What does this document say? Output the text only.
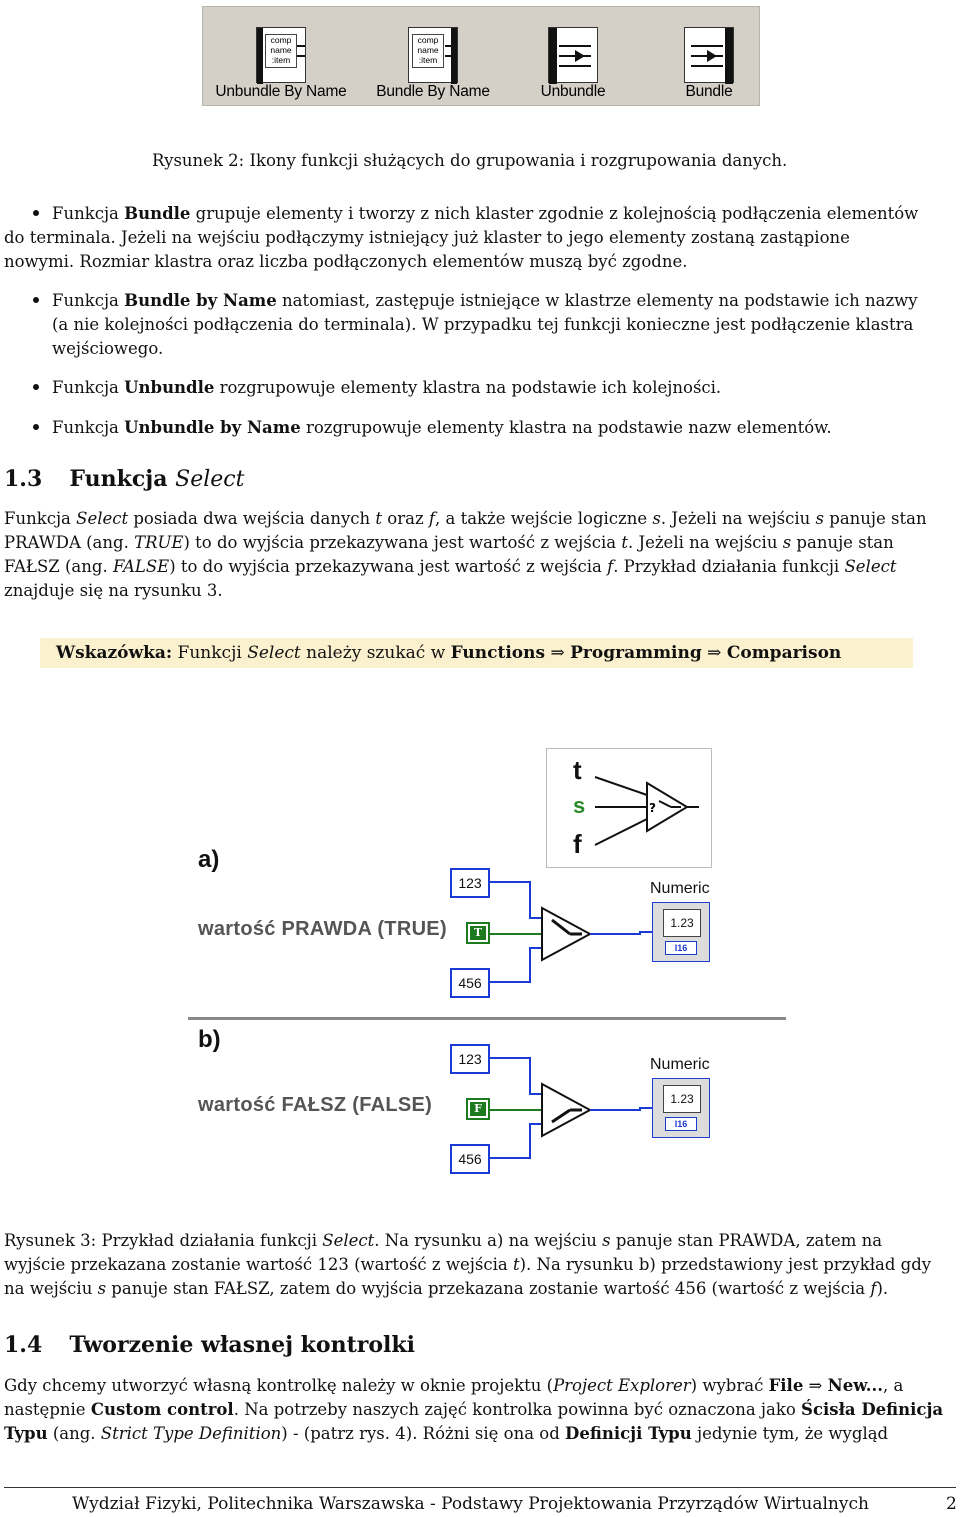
comp
name
:item
Unbundle By Name
comp
name
:item
Bundle By Name	Unbundle	Bundle
Rysunek 2: Ikony funkcji służących do grupowania i rozgrupowania danych.
Funkcja Bundle grupuje elementy i tworzy z nich klaster zgodnie z kolejnością podłączenia elementów
do terminala. Jeżeli na wejściu podłączymy istniejący już klaster to jego elementy zostaną zastąpione
nowymi. Rozmiar klastra oraz liczba podłączonych elementów muszą być zgodne.
Funkcja Bundle by Name natomiast, zastępuje istniejące w klastrze elementy na podstawie ich nazwy
(a nie kolejności podłączenia do terminala). W przypadku tej funkcji konieczne jest podłączenie klastra
wejściowego.
Funkcja Unbundle rozgrupowuje elementy klastra na podstawie ich kolejności.
Funkcja Unbundle by Name rozgrupowuje elementy klastra na podstawie nazw elementów.
1.3 Funkcja Select
Funkcja Select posiada dwa wejścia danych t oraz f, a także wejście logiczne s. Jeżeli na wejściu s panuje stan
PRAWDA (ang. TRUE) to do wyjścia przekazywana jest wartość z wejścia t. Jeżeli na wejściu s panuje stan
FAŁSZ (ang. FALSE) to do wyjścia przekazywana jest wartość z wejścia f. Przykład działania funkcji Select
znajduje się na rysunku 3.
Wskazówka: Funkcji Select należy szukać w Functions ⇒ Programming ⇒ Comparison
t
s
f
?
a)
123
wartość PRAWDA (TRUE)	T
456
Numeric
1.23
I16
b)
123
wartość FAŁSZ (FALSE)	F
456
Numeric
1.23
I16
Rysunek 3: Przykład działania funkcji Select. Na rysunku a) na wejściu s panuje stan PRAWDA, zatem na
wyjście przekazana zostanie wartość 123 (wartość z wejścia t). Na rysunku b) przedstawiony jest przykład gdy
na wejściu s panuje stan FAŁSZ, zatem do wyjścia przekazana zostanie wartość 456 (wartość z wejścia f).
1.4 Tworzenie własnej kontrolki
Gdy chcemy utworzyć własną kontrolkę należy w oknie projektu (Project Explorer) wybrać File ⇒ New..., a
następnie Custom control. Na potrzeby naszych zajęć kontrolka powinna być oznaczona jako Ścisła Definicja
Typu (ang. Strict Type Definition) - (patrz rys. 4). Różni się ona od Definicji Typu jedynie tym, że wygląd
Wydział Fizyki, Politechnika Warszawska - Podstawy Projektowania Przyrządów Wirtualnych	2
